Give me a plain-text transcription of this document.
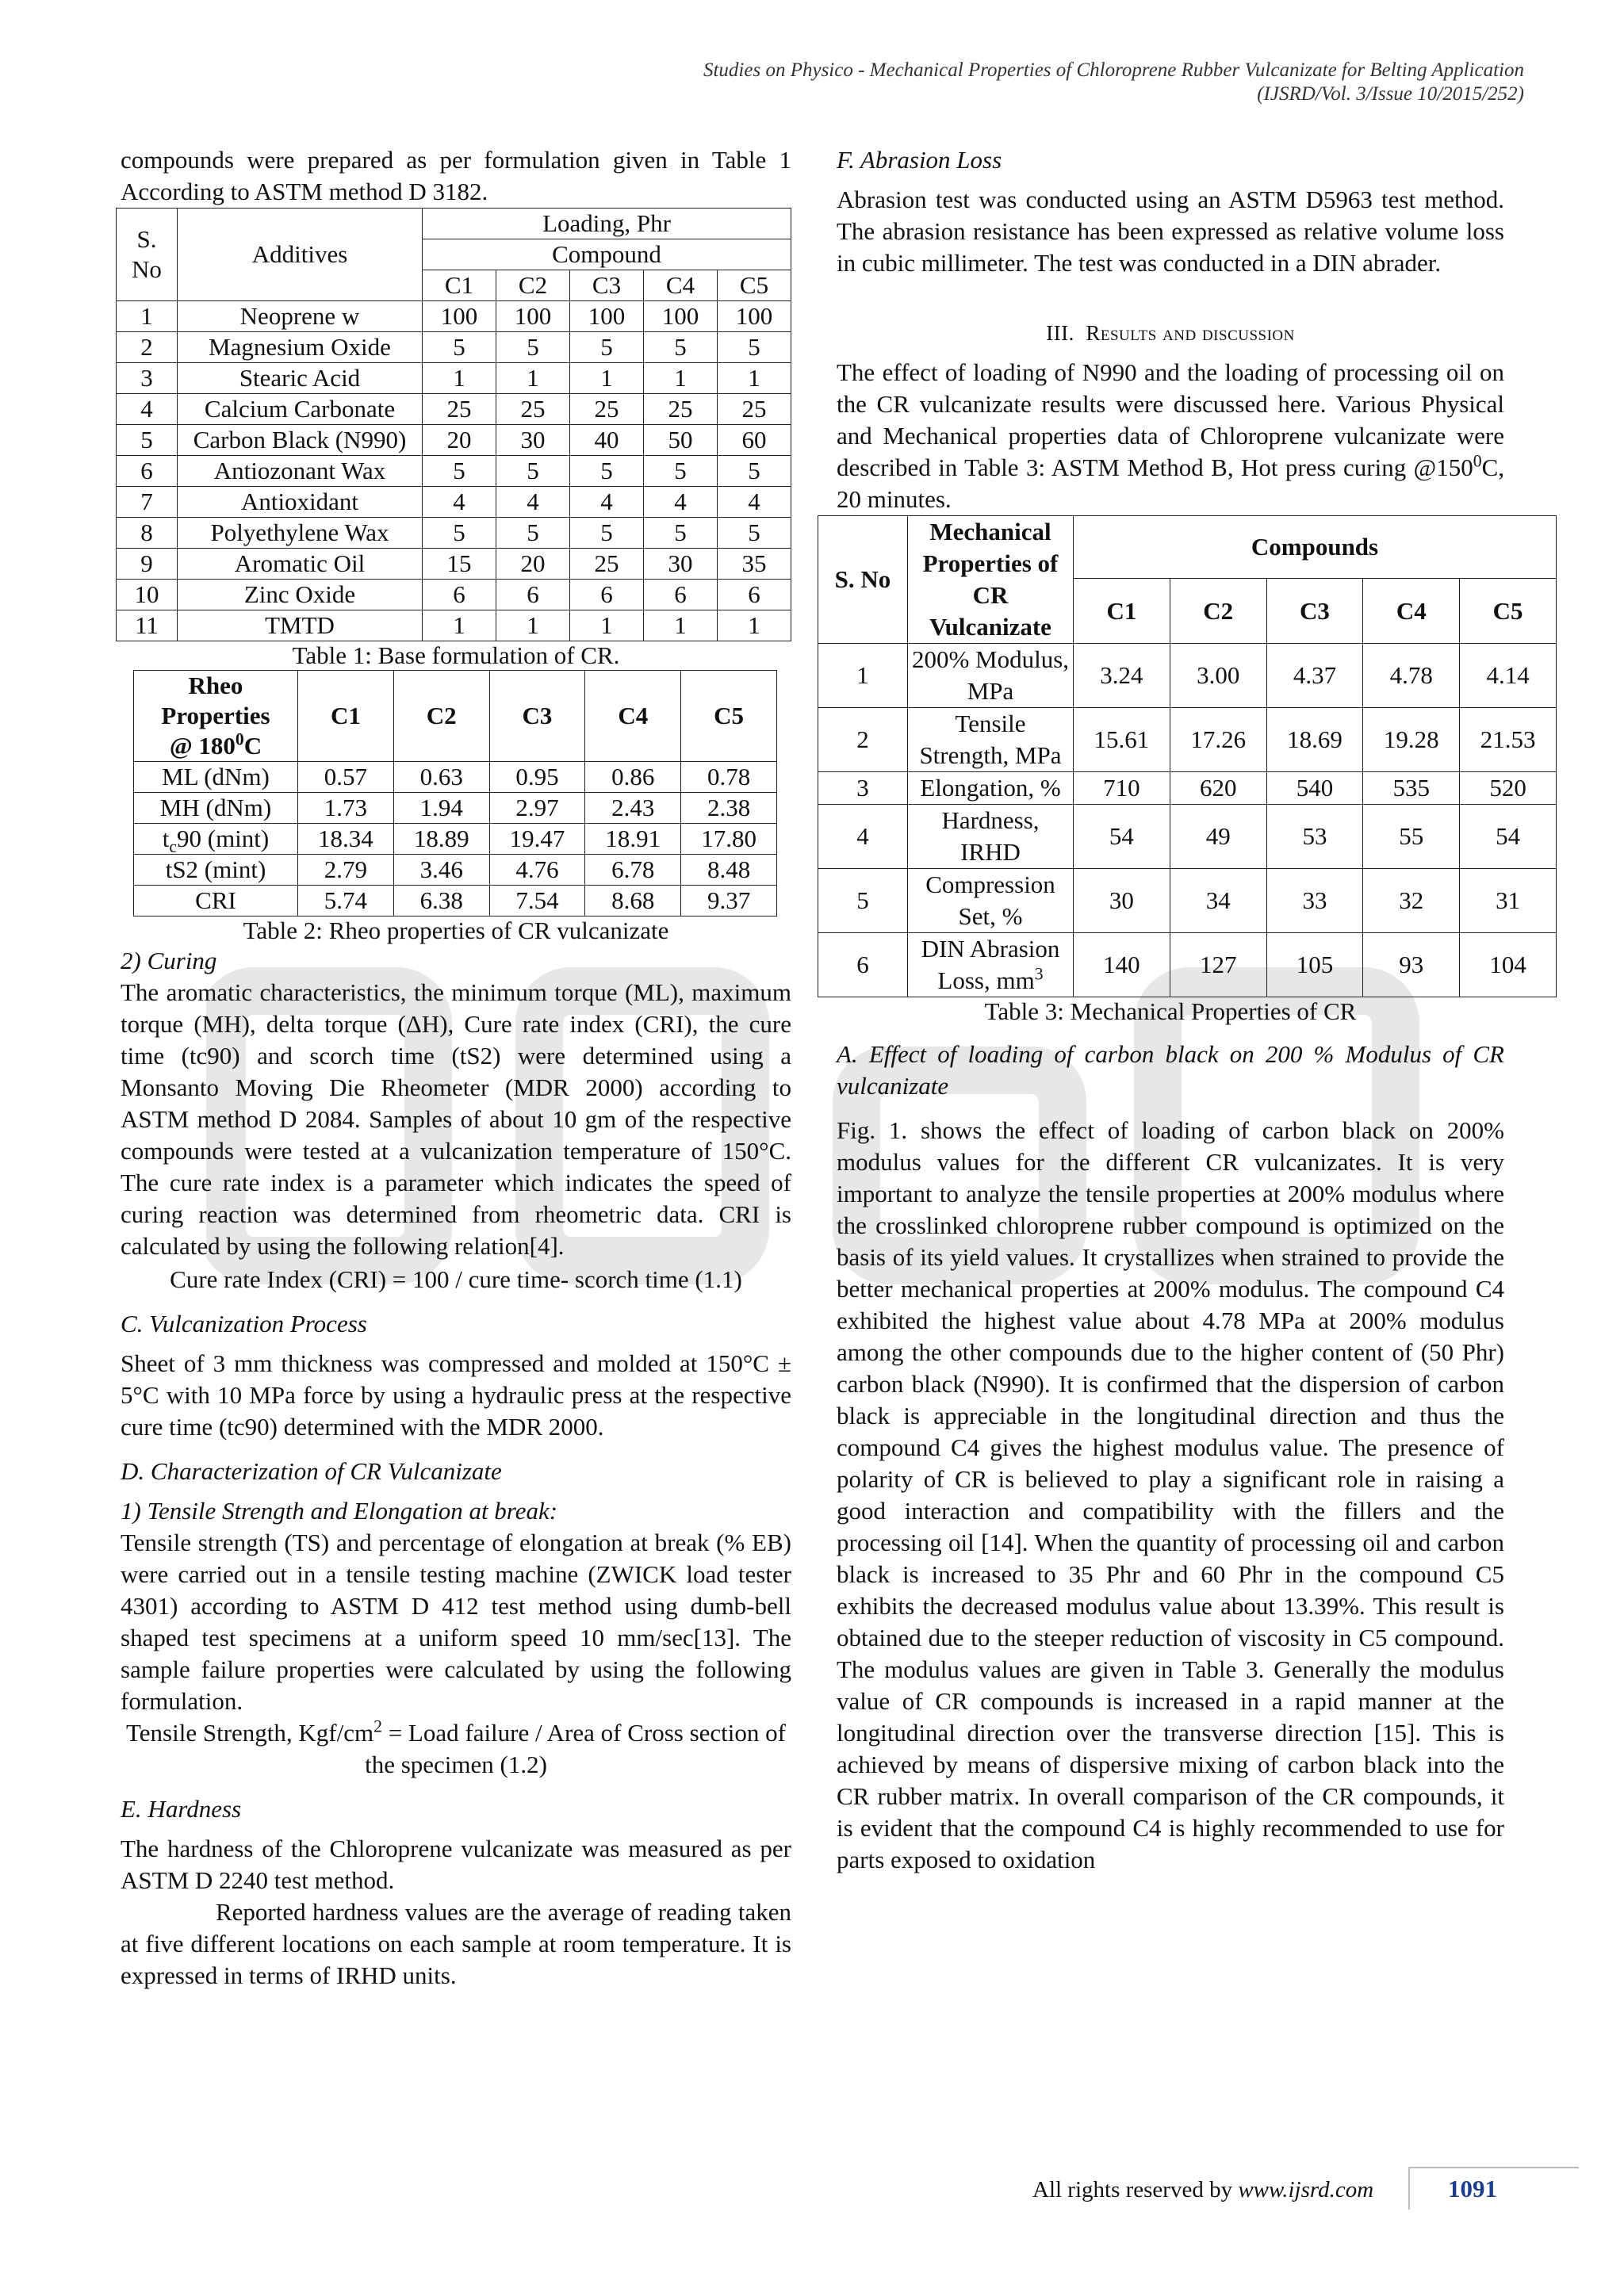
Studies on Physico - Mechanical Properties of Chloroprene Rubber Vulcanizate for Belting Application
(IJSRD/Vol. 3/Issue 10/2015/252)

compounds were prepared as per formulation given in Table 1 According to ASTM method D 3182.

S. No	Additives	Loading, Phr				
		Compound				
		C1	C2	C3	C4	C5
1	Neoprene w	100	100	100	100	100
2	Magnesium Oxide	5	5	5	5	5
3	Stearic Acid	1	1	1	1	1
4	Calcium Carbonate	25	25	25	25	25
5	Carbon Black (N990)	20	30	40	50	60
6	Antiozonant Wax	5	5	5	5	5
7	Antioxidant	4	4	4	4	4
8	Polyethylene Wax	5	5	5	5	5
9	Aromatic Oil	15	20	25	30	35
10	Zinc Oxide	6	6	6	6	6
11	TMTD	1	1	1	1	1

Table 1: Base formulation of CR.

Rheo
Properties
@ $180^0C$	C1	C2	C3	C4	C5
ML (dNm)	0.57	0.63	0.95	0.86	0.78
MH (dNm)	1.73	1.94	2.97	2.43	2.38
$t_c90$ (mint)	18.34	18.89	19.47	18.91	17.80
tS2 (mint)	2.79	3.46	4.76	6.78	8.48
CRI	5.74	6.38	7.54	8.68	9.37

Table 2: Rheo properties of CR vulcanizate

2) Curing

The aromatic characteristics, the minimum torque (ML), maximum torque (MH), delta torque (ΔH), Cure rate index (CRI), the cure time (tc90) and scorch time (tS2) were determined using a Monsanto Moving Die Rheometer (MDR 2000) according to ASTM method D 2084. Samples of about 10 gm of the respective compounds were tested at a vulcanization temperature of 150°C. The cure rate index is a parameter which indicates the speed of curing reaction was determined from rheometric data. CRI is calculated by using the following relation[4].

Cure rate Index (CRI) = 100 / cure time- scorch time (1.1)

C. Vulcanization Process

Sheet of 3 mm thickness was compressed and molded at 150°C ± 5°C with 10 MPa force by using a hydraulic press at the respective cure time (tc90) determined with the MDR 2000.

D. Characterization of CR Vulcanizate

1) Tensile Strength and Elongation at break:

Tensile strength (TS) and percentage of elongation at break (% EB) were carried out in a tensile testing machine (ZWICK load tester 4301) according to ASTM D 412 test method using dumb-bell shaped test specimens at a uniform speed 10 mm/sec[13]. The sample failure properties were calculated by using the following formulation.

Tensile Strength, Kgf/$cm^2$ = Load failure / Area of Cross section of the specimen (1.2)

E. Hardness

The hardness of the Chloroprene vulcanizate was measured as per ASTM D 2240 test method.

Reported hardness values are the average of reading taken at five different locations on each sample at room temperature. It is expressed in terms of IRHD units.

F. Abrasion Loss

Abrasion test was conducted using an ASTM D5963 test method. The abrasion resistance has been expressed as relative volume loss in cubic millimeter. The test was conducted in a DIN abrader.

III. Results and discussion

The effect of loading of N990 and the loading of processing oil on the CR vulcanizate results were discussed here. Various Physical and Mechanical properties data of Chloroprene vulcanizate were described in Table 3: ASTM Method B, Hot press curing $@150^0C$, 20 minutes.

S. No	Mechanical Properties of CR Vulcanizate	Compounds				
		C1	C2	C3	C4	C5
1	200% Modulus, MPa	3.24	3.00	4.37	4.78	4.14
2	Tensile Strength, MPa	15.61	17.26	18.69	19.28	21.53
3	Elongation, %	710	620	540	535	520
4	Hardness, IRHD	54	49	53	55	54
5	Compression Set, %	30	34	33	32	31
6	DIN Abrasion Loss, $mm^3$	140	127	105	93	104

Table 3: Mechanical Properties of CR

A. Effect of loading of carbon black on 200 % Modulus of CR vulcanizate

Fig. 1. shows the effect of loading of carbon black on 200% modulus values for the different CR vulcanizates. It is very important to analyze the tensile properties at 200% modulus where the crosslinked chloroprene rubber compound is optimized on the basis of its yield values. It crystallizes when strained to provide the better mechanical properties at 200% modulus. The compound C4 exhibited the highest value about 4.78 MPa at 200% modulus among the other compounds due to the higher content of (50 Phr) carbon black (N990). It is confirmed that the dispersion of carbon black is appreciable in the longitudinal direction and thus the compound C4 gives the highest modulus value. The presence of polarity of CR is believed to play a significant role in raising a good interaction and compatibility with the fillers and the processing oil [14]. When the quantity of processing oil and carbon black is increased to 35 Phr and 60 Phr in the compound C5 exhibits the decreased modulus value about 13.39%. This result is obtained due to the steeper reduction of viscosity in C5 compound. The modulus values are given in Table 3. Generally the modulus value of CR compounds is increased in a rapid manner at the longitudinal direction over the transverse direction [15]. This is achieved by means of dispersive mixing of carbon black into the CR rubber matrix. In overall comparison of the CR compounds, it is evident that the compound C4 is highly recommended to use for parts exposed to oxidation

All rights reserved by www.ijsrd.com	1091
